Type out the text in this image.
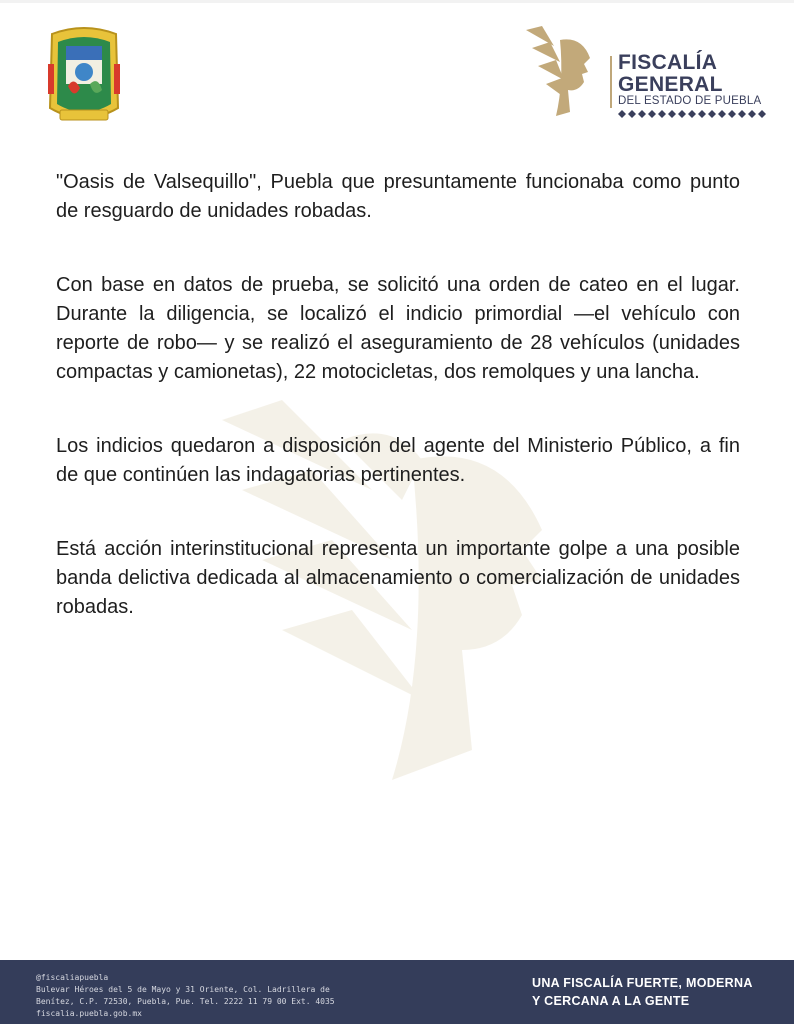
FISCALÍA
GENERAL
DEL ESTADO DE PUEBLA

"Oasis de Valsequillo", Puebla que presuntamente funcionaba como punto de resguardo de unidades robadas.

Con base en datos de prueba, se solicitó una orden de cateo en el lugar. Durante la diligencia, se localizó el indicio primordial —el vehículo con reporte de robo— y se realizó el aseguramiento de 28 vehículos (unidades compactas y camionetas), 22 motocicletas, dos remolques y una lancha.

Los indicios quedaron a disposición del agente del Ministerio Público, a fin de que continúen las indagatorias pertinentes.

Está acción interinstitucional representa un importante golpe a una posible banda delictiva dedicada al almacenamiento o comercialización de unidades robadas.

@fiscaliapuebla
Bulevar Héroes del 5 de Mayo y 31 Oriente, Col. Ladrillera de
Benítez, C.P. 72530, Puebla, Pue. Tel. 2222 11 79 00 Ext. 4035
fiscalia.puebla.gob.mx
UNA FISCALÍA FUERTE, MODERNA
Y CERCANA A LA GENTE
